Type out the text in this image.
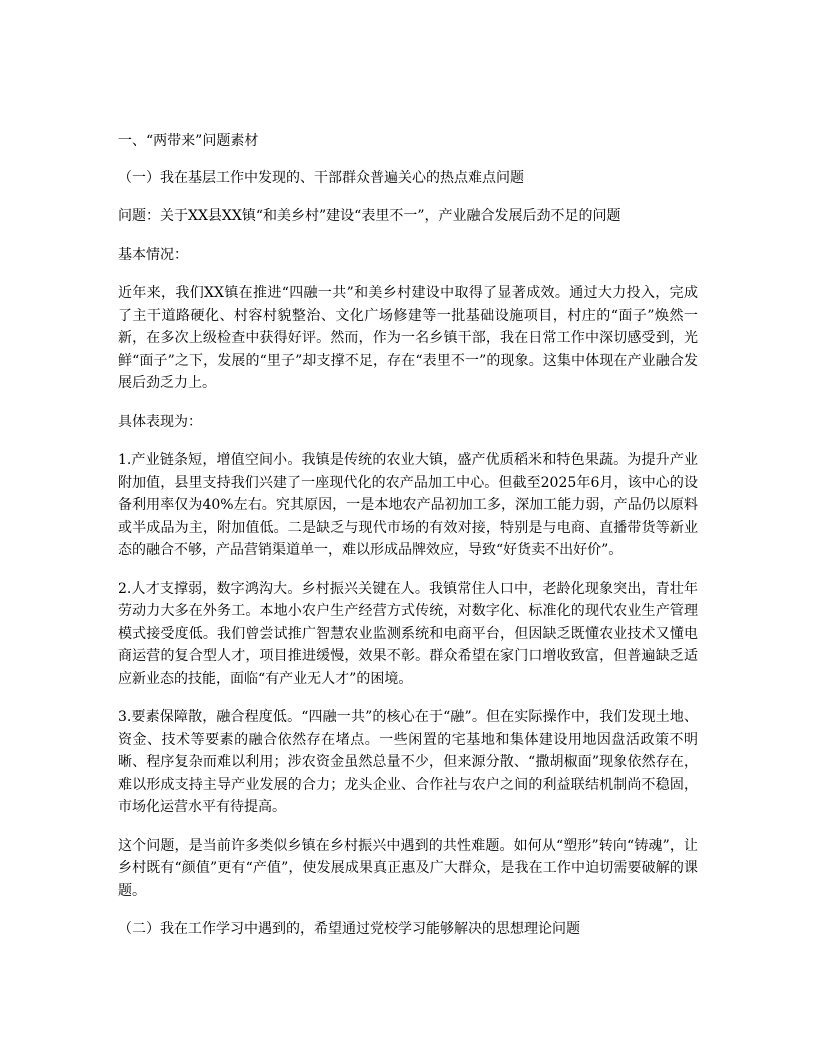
一、“两带来”问题素材

（一）我在基层工作中发现的、干部群众普遍关心的热点难点问题

问题：关于XX县XX镇“和美乡村”建设“表里不一”，产业融合发展后劲不足的问题

基本情况：

近年来，我们XX镇在推进“四融一共”和美乡村建设中取得了显著成效。通过大力投入，完成了主干道路硬化、村容村貌整治、文化广场修建等一批基础设施项目，村庄的“面子”焕然一新，在多次上级检查中获得好评。然而，作为一名乡镇干部，我在日常工作中深切感受到，光鲜“面子”之下，发展的“里子”却支撑不足，存在“表里不一”的现象。这集中体现在产业融合发展后劲乏力上。

具体表现为：

1.产业链条短，增值空间小。我镇是传统的农业大镇，盛产优质稻米和特色果蔬。为提升产业附加值，县里支持我们兴建了一座现代化的农产品加工中心。但截至2025年6月，该中心的设备利用率仅为40%左右。究其原因，一是本地农产品初加工多，深加工能力弱，产品仍以原料或半成品为主，附加值低。二是缺乏与现代市场的有效对接，特别是与电商、直播带货等新业态的融合不够，产品营销渠道单一，难以形成品牌效应，导致“好货卖不出好价”。

2.人才支撑弱，数字鸿沟大。乡村振兴关键在人。我镇常住人口中，老龄化现象突出，青壮年劳动力大多在外务工。本地小农户生产经营方式传统，对数字化、标准化的现代农业生产管理模式接受度低。我们曾尝试推广智慧农业监测系统和电商平台，但因缺乏既懂农业技术又懂电商运营的复合型人才，项目推进缓慢，效果不彰。群众希望在家门口增收致富，但普遍缺乏适应新业态的技能，面临“有产业无人才”的困境。

3.要素保障散，融合程度低。“四融一共”的核心在于“融”。但在实际操作中，我们发现土地、资金、技术等要素的融合依然存在堵点。一些闲置的宅基地和集体建设用地因盘活政策不明晰、程序复杂而难以利用；涉农资金虽然总量不少，但来源分散、“撒胡椒面”现象依然存在，难以形成支持主导产业发展的合力；龙头企业、合作社与农户之间的利益联结机制尚不稳固，市场化运营水平有待提高。

这个问题，是当前许多类似乡镇在乡村振兴中遇到的共性难题。如何从“塑形”转向“铸魂”，让乡村既有“颜值”更有“产值”，使发展成果真正惠及广大群众，是我在工作中迫切需要破解的课题。

（二）我在工作学习中遇到的，希望通过党校学习能够解决的思想理论问题
